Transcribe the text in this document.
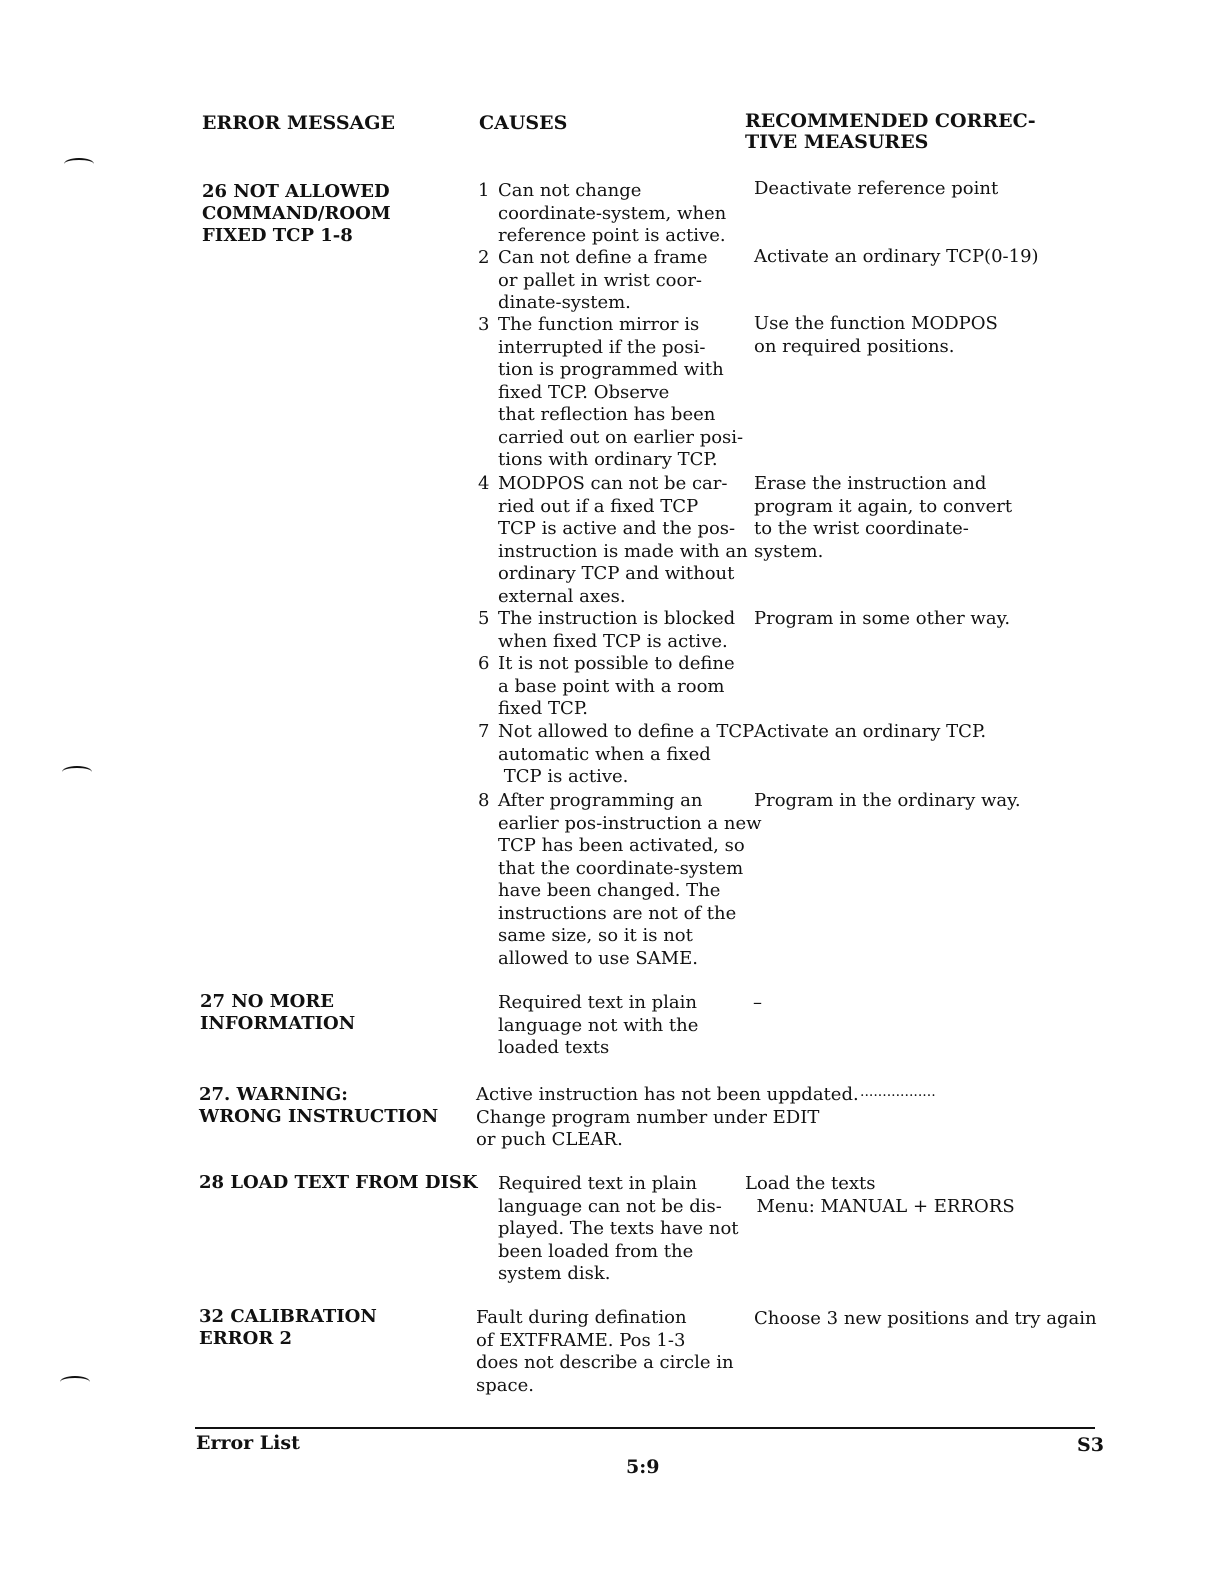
ERROR MESSAGE	CAUSES	RECOMMENDED CORREC-
TIVE MEASURES
26 NOT ALLOWED
COMMAND/ROOM
FIXED TCP 1-8
1 Can not change
coordinate-system, when
reference point is active.
Deactivate reference point
2 Can not define a frame
or pallet in wrist coor-
dinate-system.
Activate an ordinary TCP(0-19)
3 The function mirror is
interrupted if the posi-
tion is programmed with
fixed TCP. Observe
that reflection has been
carried out on earlier posi-
tions with ordinary TCP.
Use the function MODPOS
on required positions.
4 MODPOS can not be car-
ried out if a fixed TCP
TCP is active and the pos-
instruction is made with an
ordinary TCP and without
external axes.
Erase the instruction and
program it again, to convert
to the wrist coordinate-
system.
5 The instruction is blocked
when fixed TCP is active.
Program in some other way.
6 It is not possible to define
a base point with a room
fixed TCP.
7 Not allowed to define a TCP
automatic when a fixed
TCP is active.
Activate an ordinary TCP.
8 After programming an
earlier pos-instruction a new
TCP has been activated, so
that the coordinate-system
have been changed. The
instructions are not of the
same size, so it is not
allowed to use SAME.
Program in the ordinary way.
27 NO MORE
INFORMATION
Required text in plain
language not with the
loaded texts
–
27. WARNING:
WRONG INSTRUCTION
Active instruction has not been uppdated.
Change program number under EDIT
or puch CLEAR.
.................
28 LOAD TEXT FROM DISK Required text in plain
language can not be dis-
played. The texts have not
been loaded from the
system disk.
Load the texts
Menu: MANUAL + ERRORS
32 CALIBRATION
ERROR 2
Fault during defination
of EXTFRAME. Pos 1-3
does not describe a circle in
space.
Choose 3 new positions and try again
Error List
5:9
S3
